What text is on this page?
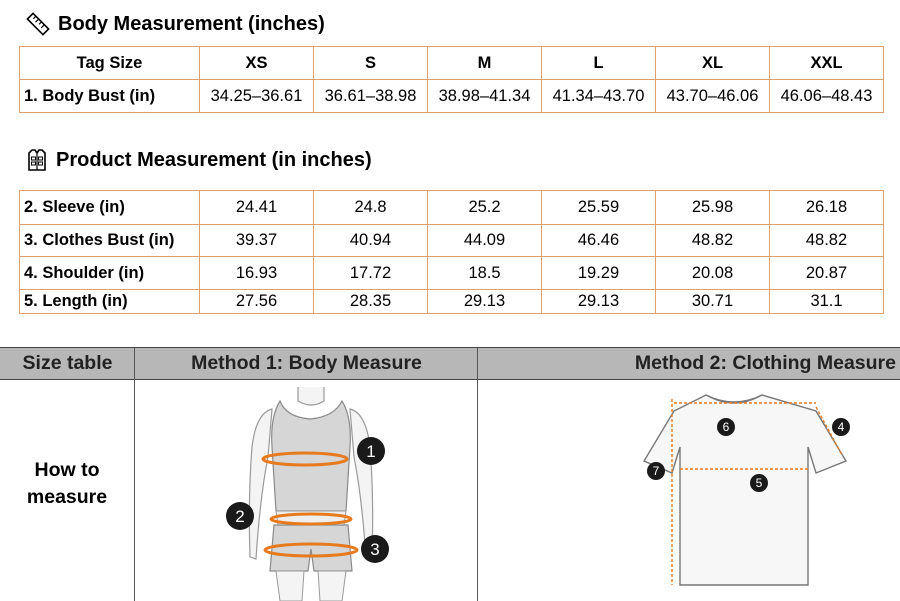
Body Measurement (inches)
Tag Size	XS	S	M	L	XL	XXL
1. Body Bust (in)	34.25–36.61	36.61–38.98	38.98–41.34	41.34–43.70	43.70–46.06	46.06–48.43
Product Measurement (in inches)
2. Sleeve (in)	24.41	24.8	25.2	25.59	25.98	26.18
3. Clothes Bust (in)	39.37	40.94	44.09	46.46	48.82	48.82
4. Shoulder (in)	16.93	17.72	18.5	19.29	20.08	20.87
5. Length (in)	27.56	28.35	29.13	29.13	30.71	31.1
Size table	Method 1: Body Measure	Method 2: Clothing Measure
How to
measure
1
2
3
6	4
7
5
